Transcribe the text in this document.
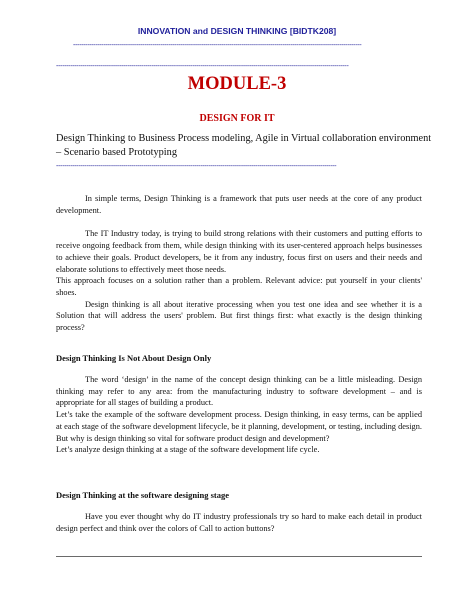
INNOVATION and DESIGN THINKING [BIDTK208]
----------------------------------------------------------------------------------------------------------------------------------------------
------------------------------------------------------------------------------------------------------------------------------------------------
MODULE-3
DESIGN FOR IT
Design Thinking to Business Process modeling, Agile in Virtual collaboration environment – Scenario based Prototyping
------------------------------------------------------------------------------------------------------------------------------------------

In simple terms, Design Thinking is a framework that puts user needs at the core of any product development.

The IT Industry today, is trying to build strong relations with their customers and putting efforts to receive ongoing feedback from them, while design thinking with its user-centered approach helps businesses to achieve their goals. Product developers, be it from any industry, focus first on users and their needs and elaborate solutions to effectively meet those needs.

This approach focuses on a solution rather than a problem. Relevant advice: put yourself in your clients' shoes.

Design thinking is all about iterative processing when you test one idea and see whether it is a Solution that will address the users' problem. But first things first: what exactly is the design thinking process?

Design Thinking Is Not About Design Only

The word ‘design’ in the name of the concept design thinking can be a little misleading. Design thinking may refer to any area: from the manufacturing industry to software development – and is appropriate for all stages of building a product.

Let’s take the example of the software development process. Design thinking, in easy terms, can be applied at each stage of the software development lifecycle, be it planning, development, or testing, including design. But why is design thinking so vital for software product design and development?

Let’s analyze design thinking at a stage of the software development life cycle.

Design Thinking at the software designing stage

Have you ever thought why do IT industry professionals try so hard to make each detail in product design perfect and think over the colors of Call to action buttons?
